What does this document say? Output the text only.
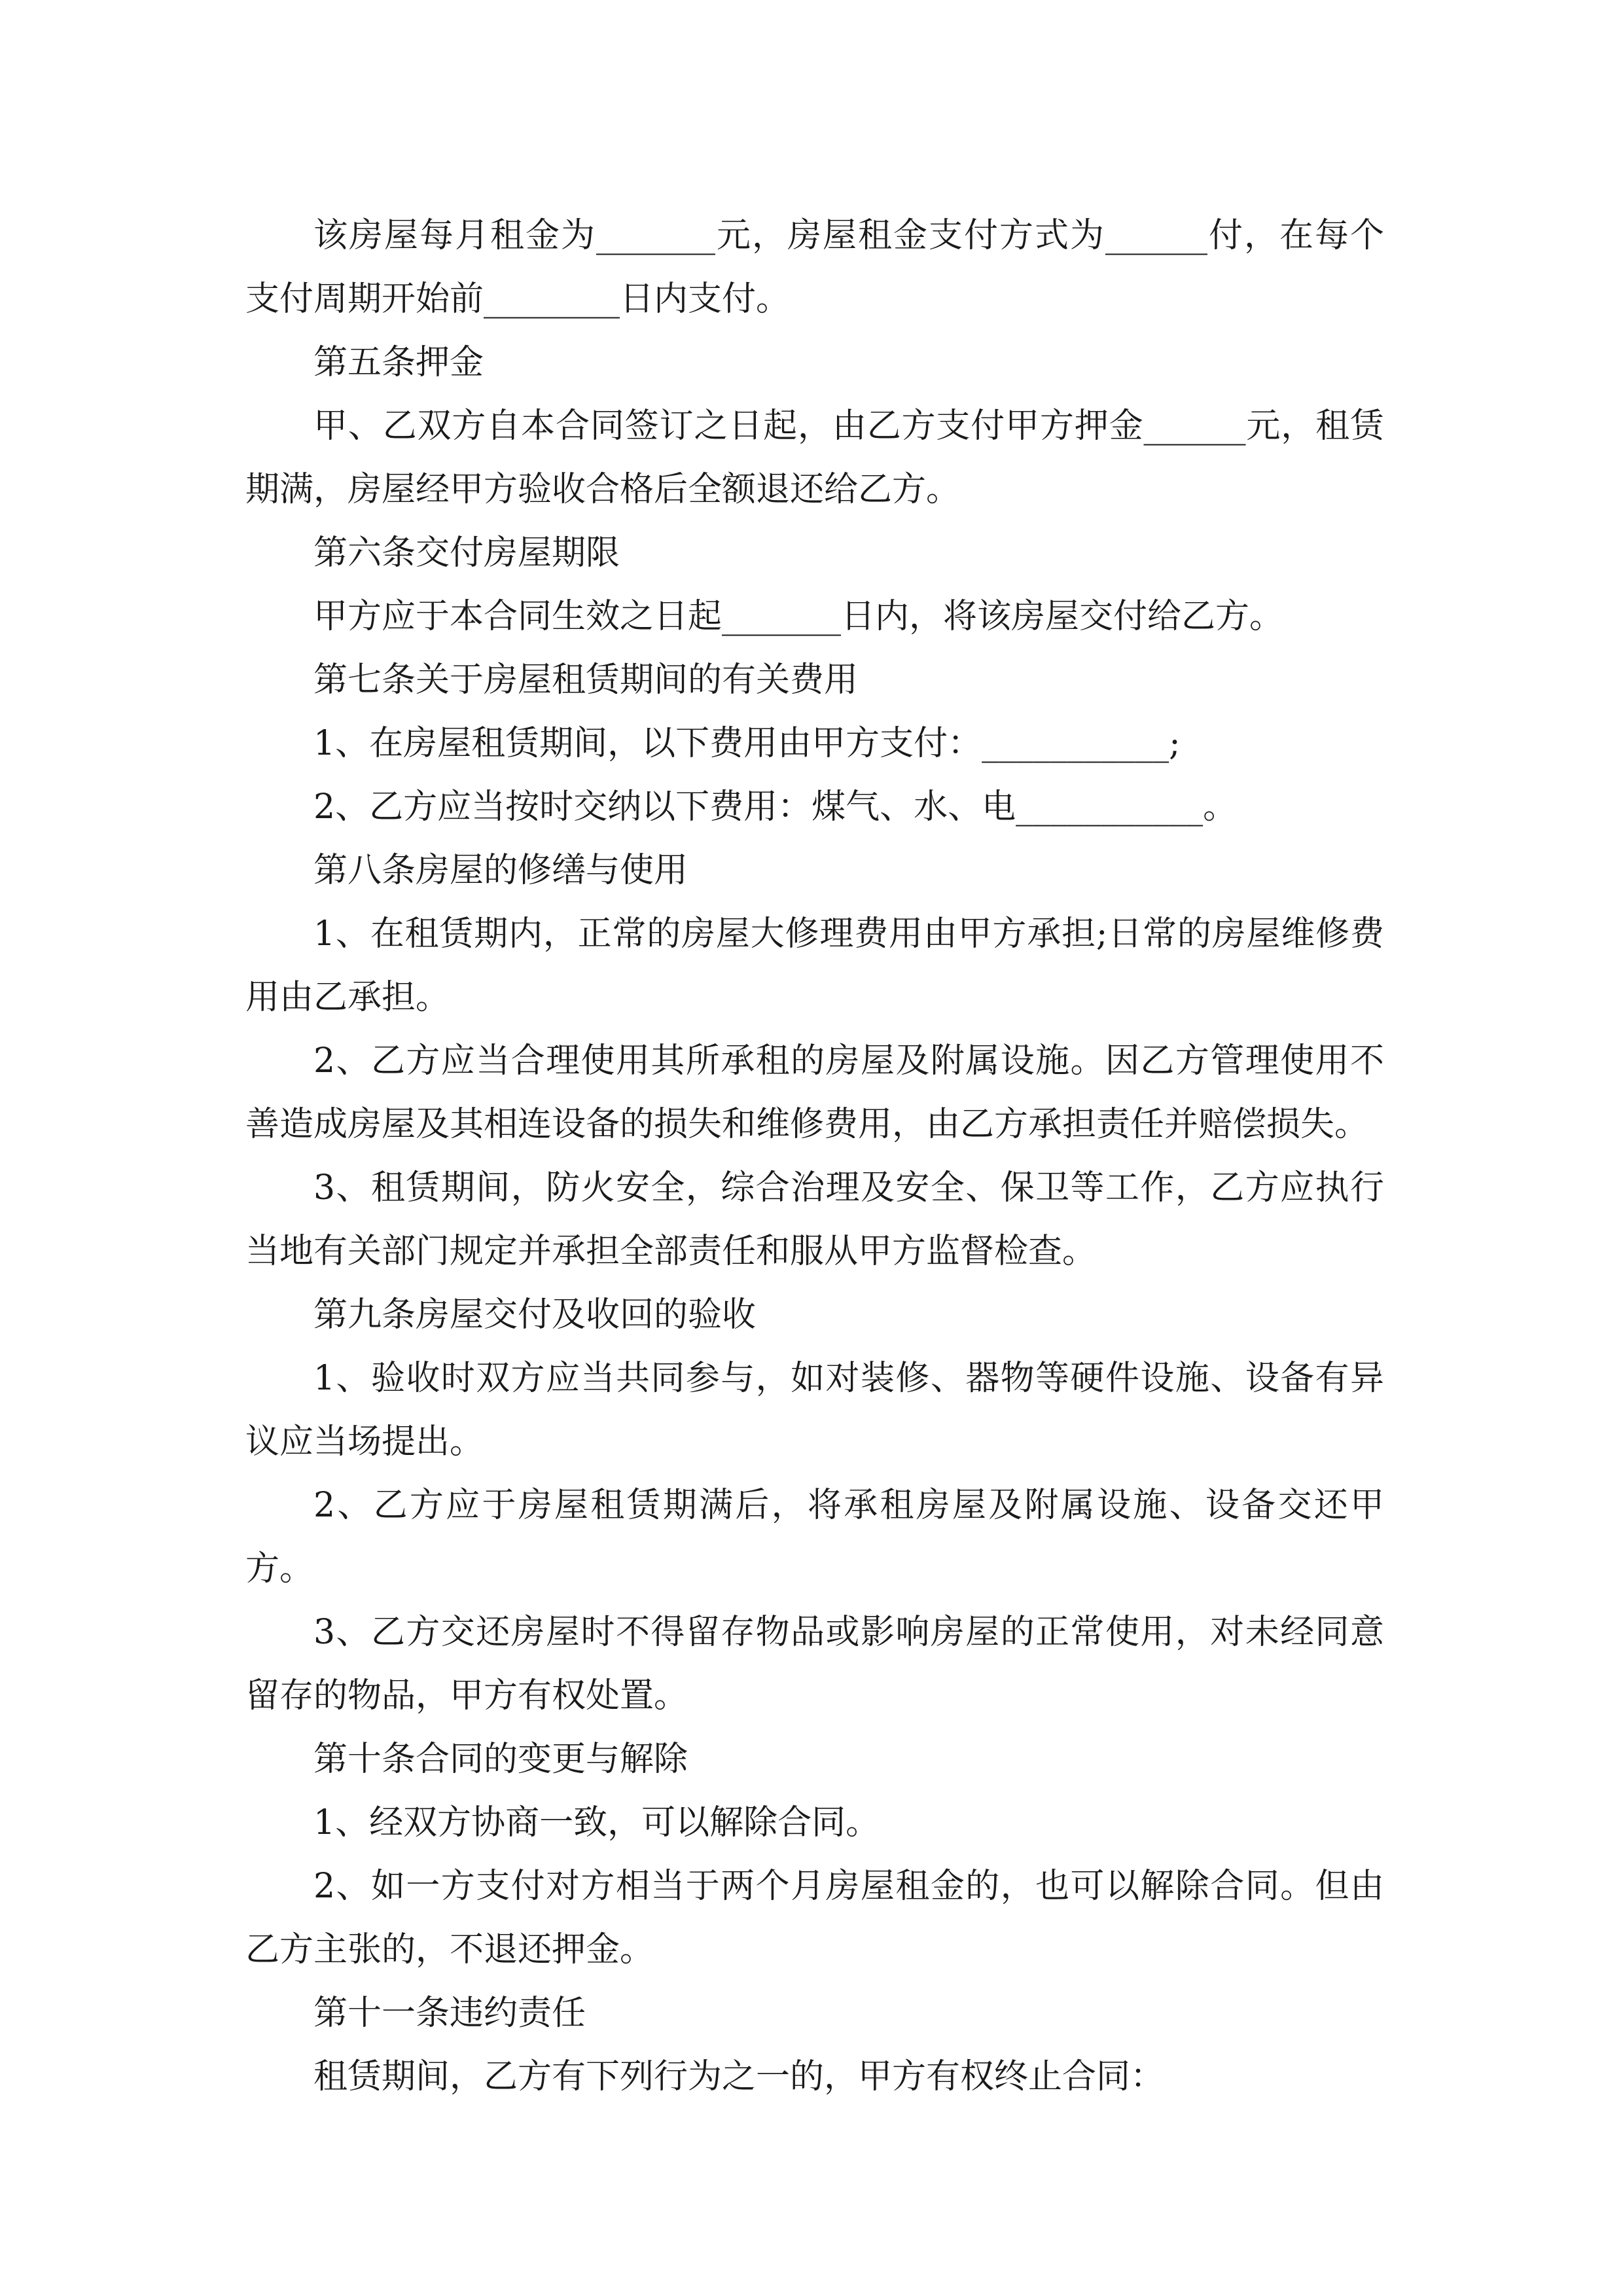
该房屋每月租金为_______元，房屋租金支付方式为______付，在每个支付周期开始前________日内支付。

第五条押金

甲、乙双方自本合同签订之日起，由乙方支付甲方押金______元，租赁期满，房屋经甲方验收合格后全额退还给乙方。

第六条交付房屋期限

甲方应于本合同生效之日起_______日内，将该房屋交付给乙方。

第七条关于房屋租赁期间的有关费用

1、在房屋租赁期间，以下费用由甲方支付：___________;

2、乙方应当按时交纳以下费用：煤气、水、电___________。

第八条房屋的修缮与使用

1、在租赁期内，正常的房屋大修理费用由甲方承担;日常的房屋维修费用由乙承担。

2、乙方应当合理使用其所承租的房屋及附属设施。因乙方管理使用不善造成房屋及其相连设备的损失和维修费用，由乙方承担责任并赔偿损失。

3、租赁期间，防火安全，综合治理及安全、保卫等工作，乙方应执行当地有关部门规定并承担全部责任和服从甲方监督检查。

第九条房屋交付及收回的验收

1、验收时双方应当共同参与，如对装修、器物等硬件设施、设备有异议应当场提出。

2、乙方应于房屋租赁期满后，将承租房屋及附属设施、设备交还甲方。

3、乙方交还房屋时不得留存物品或影响房屋的正常使用，对未经同意留存的物品，甲方有权处置。

第十条合同的变更与解除

1、经双方协商一致，可以解除合同。

2、如一方支付对方相当于两个月房屋租金的，也可以解除合同。但由乙方主张的，不退还押金。

第十一条违约责任

租赁期间，乙方有下列行为之一的，甲方有权终止合同：
